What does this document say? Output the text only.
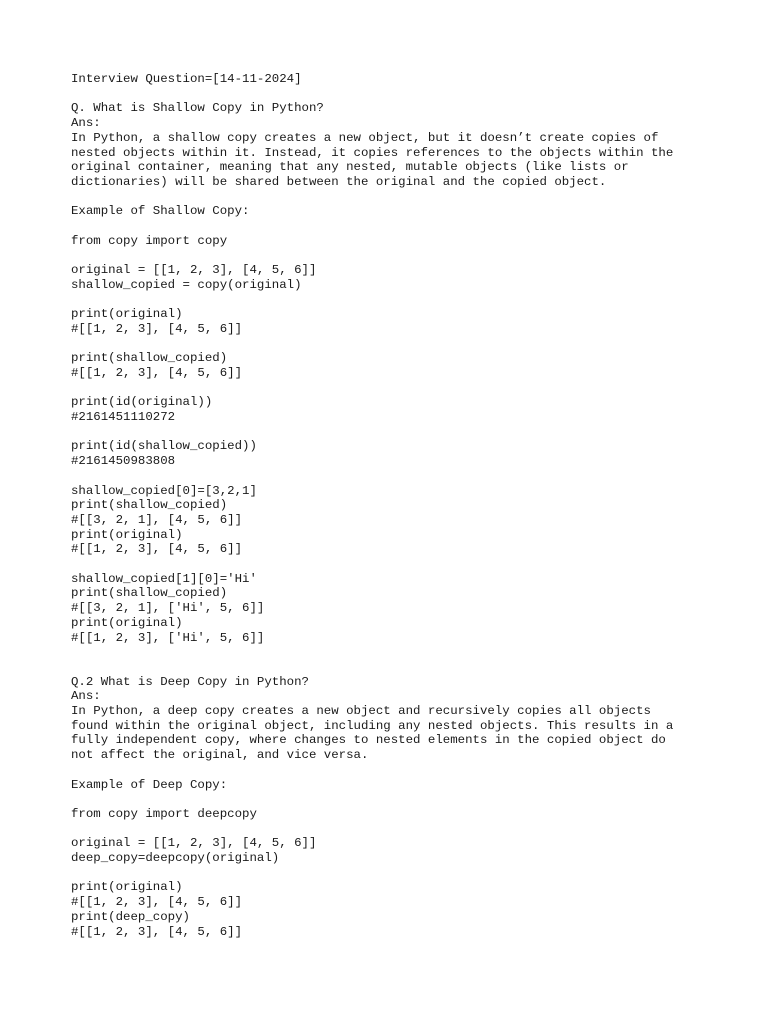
Interview Question=[14-11-2024]
Q. What is Shallow Copy in Python?
Ans:
In Python, a shallow copy creates a new object, but it doesn’t create copies of
nested objects within it. Instead, it copies references to the objects within the
original container, meaning that any nested, mutable objects (like lists or
dictionaries) will be shared between the original and the copied object.
Example of Shallow Copy:
from copy import copy
original = [[1, 2, 3], [4, 5, 6]]
shallow_copied = copy(original)
print(original)
#[[1, 2, 3], [4, 5, 6]]
print(shallow_copied)
#[[1, 2, 3], [4, 5, 6]]
print(id(original))
#2161451110272
print(id(shallow_copied))
#2161450983808
shallow_copied[0]=[3,2,1]
print(shallow_copied)
#[[3, 2, 1], [4, 5, 6]]
print(original)
#[[1, 2, 3], [4, 5, 6]]
shallow_copied[1][0]='Hi'
print(shallow_copied)
#[[3, 2, 1], ['Hi', 5, 6]]
print(original)
#[[1, 2, 3], ['Hi', 5, 6]]
Q.2 What is Deep Copy in Python?
Ans:
In Python, a deep copy creates a new object and recursively copies all objects
found within the original object, including any nested objects. This results in a
fully independent copy, where changes to nested elements in the copied object do
not affect the original, and vice versa.
Example of Deep Copy:
from copy import deepcopy
original = [[1, 2, 3], [4, 5, 6]]
deep_copy=deepcopy(original)
print(original)
#[[1, 2, 3], [4, 5, 6]]
print(deep_copy)
#[[1, 2, 3], [4, 5, 6]]
